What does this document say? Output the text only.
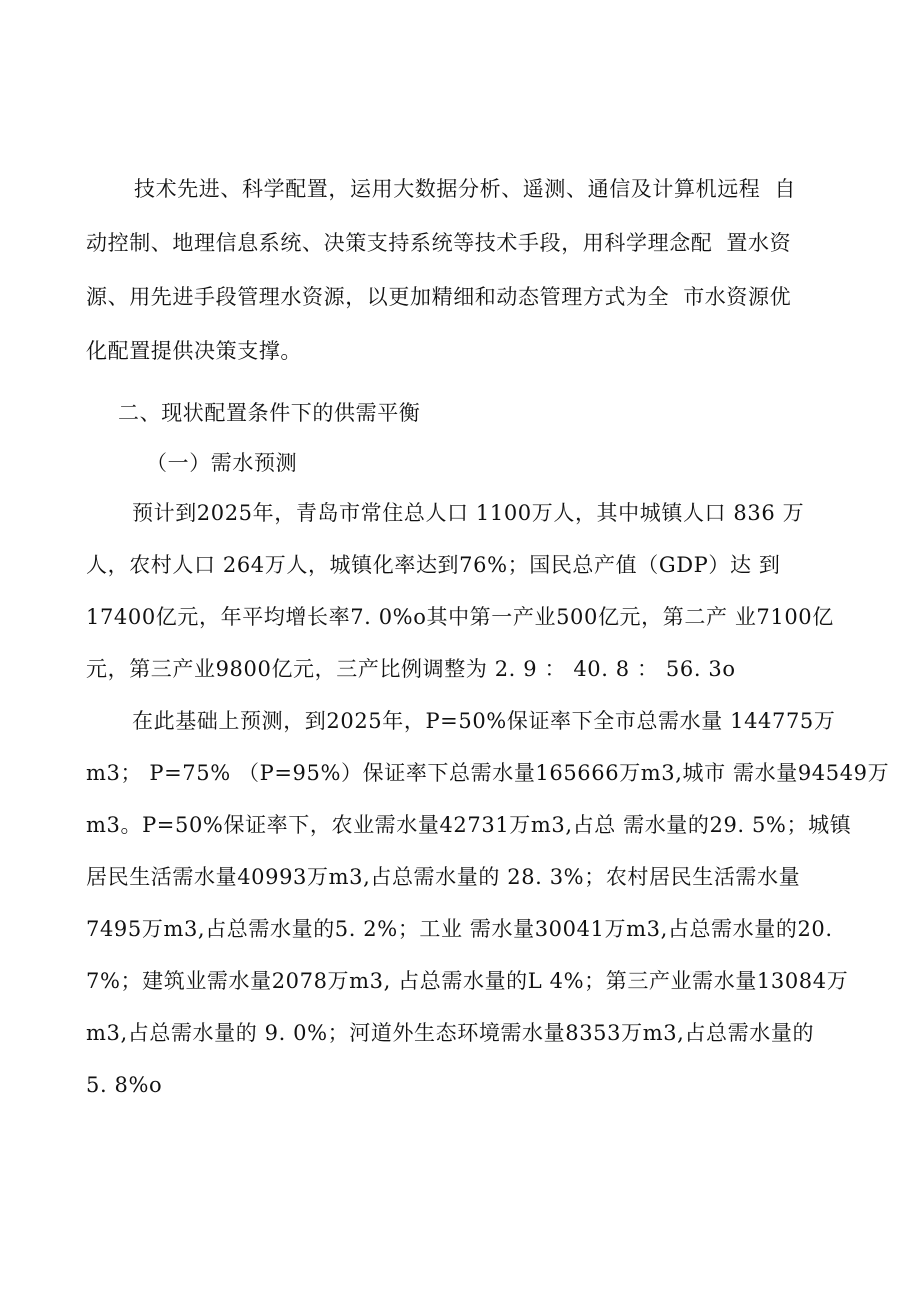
技术先进、科学配置，运用大数据分析、遥测、通信及计算机远程 自
动控制、地理信息系统、决策支持系统等技术手段，用科学理念配 置水资
源、用先进手段管理水资源，以更加精细和动态管理方式为全 市水资源优
化配置提供决策支撑。
二、现状配置条件下的供需平衡
（一）需水预测
预计到2025年，青岛市常住总人口 1100万人，其中城镇人口 836 万
人，农村人口 264万人，城镇化率达到76%；国民总产值（GDP）达 到
17400亿元，年平均增长率7. 0%o其中第一产业500亿元，第二产 业7100亿
元，第三产业9800亿元，三产比例调整为 2. 9 ： 40. 8 ： 56. 3o
在此基础上预测，到2025年，P=50%保证率下全市总需水量 144775万
m3； P=75% （P=95%）保证率下总需水量165666万m3,城市 需水量94549万
m3。P=50%保证率下，农业需水量42731万m3,占总 需水量的29. 5%；城镇
居民生活需水量40993万m3,占总需水量的 28. 3%；农村居民生活需水量
7495万m3,占总需水量的5. 2%；工业 需水量30041万m3,占总需水量的20.
7%；建筑业需水量2078万m3, 占总需水量的L 4%；第三产业需水量13084万
m3,占总需水量的 9. 0%；河道外生态环境需水量8353万m3,占总需水量的
5. 8%o
